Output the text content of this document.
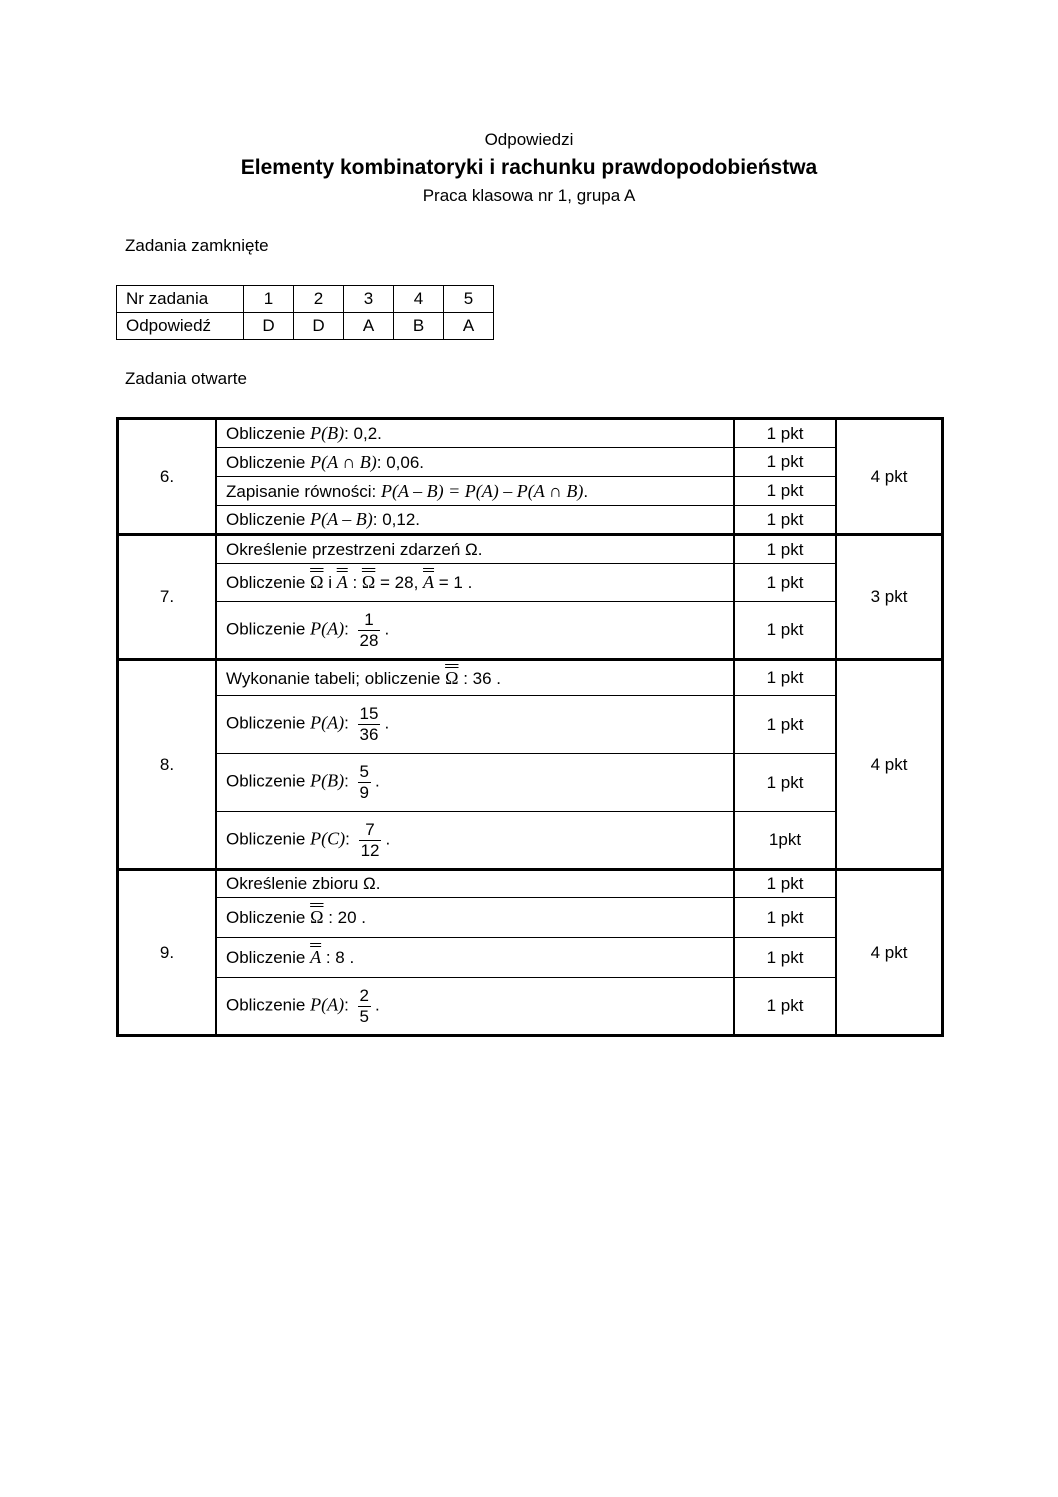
Odpowiedzi
Elementy kombinatoryki i rachunku prawdopodobieństwa
Praca klasowa nr 1, grupa A
Zadania zamknięte
Nr zadania	1	2	3	4	5
Odpowiedź	D	D	A	B	A
Zadania otwarte
6.	Obliczenie P(B): 0,2.	1 pkt	4 pkt
	Obliczenie P(A ∩ B): 0,06.	1 pkt	
	Zapisanie równości: P(A – B) = P(A) – P(A ∩ B).	1 pkt	
	Obliczenie P(A – B): 0,12.	1 pkt	
7.	Określenie przestrzeni zdarzeń Ω.	1 pkt	3 pkt
	Obliczenie Ω i A : Ω = 28, A = 1 .	1 pkt	
	Obliczenie P(A): $\frac{1}{28}$ .	1 pkt	
8.	Wykonanie tabeli; obliczenie Ω : 36 .	1 pkt	4 pkt
	Obliczenie P(A): $\frac{15}{36}$ .	1 pkt	
	Obliczenie P(B): $\frac{5}{9}$ .	1 pkt	
	Obliczenie P(C): $\frac{7}{12}$ .	1pkt	
9.	Określenie zbioru Ω.	1 pkt	4 pkt
	Obliczenie Ω : 20 .	1 pkt	
	Obliczenie A : 8 .	1 pkt	
	Obliczenie P(A): $\frac{2}{5}$ .	1 pkt	
